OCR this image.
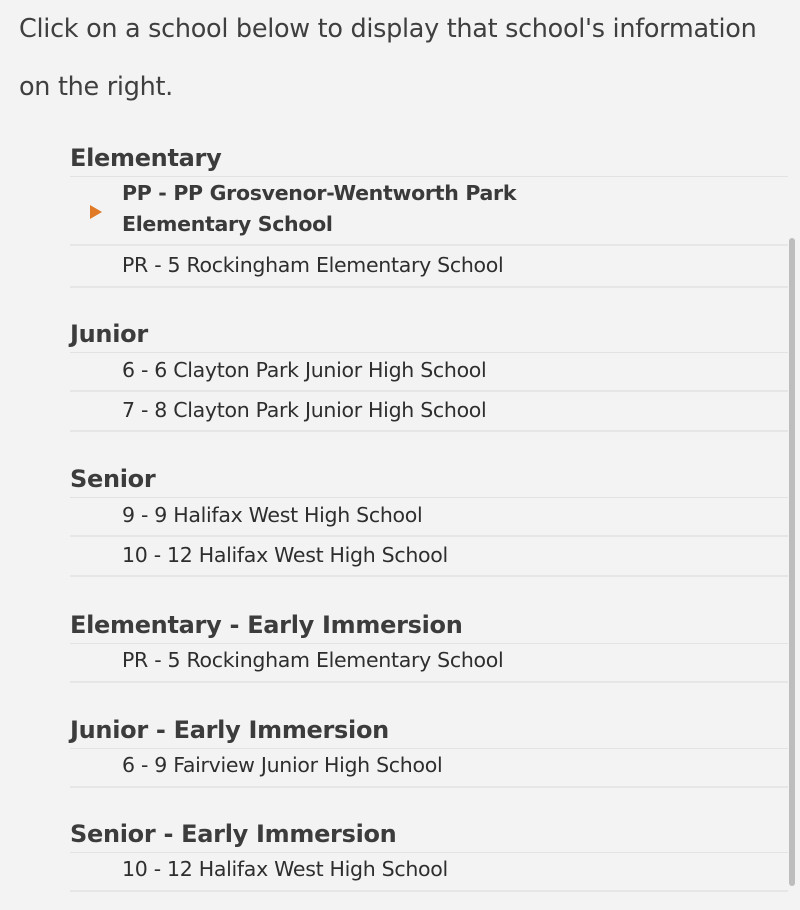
Click on a school below to display that school's information on the right.

Elementary
PP - PP Grosvenor-Wentworth Park Elementary School
PR - 5 Rockingham Elementary School
Junior
6 - 6 Clayton Park Junior High School
7 - 8 Clayton Park Junior High School
Senior
9 - 9 Halifax West High School
10 - 12 Halifax West High School
Elementary - Early Immersion
PR - 5 Rockingham Elementary School
Junior - Early Immersion
6 - 9 Fairview Junior High School
Senior - Early Immersion
10 - 12 Halifax West High School
